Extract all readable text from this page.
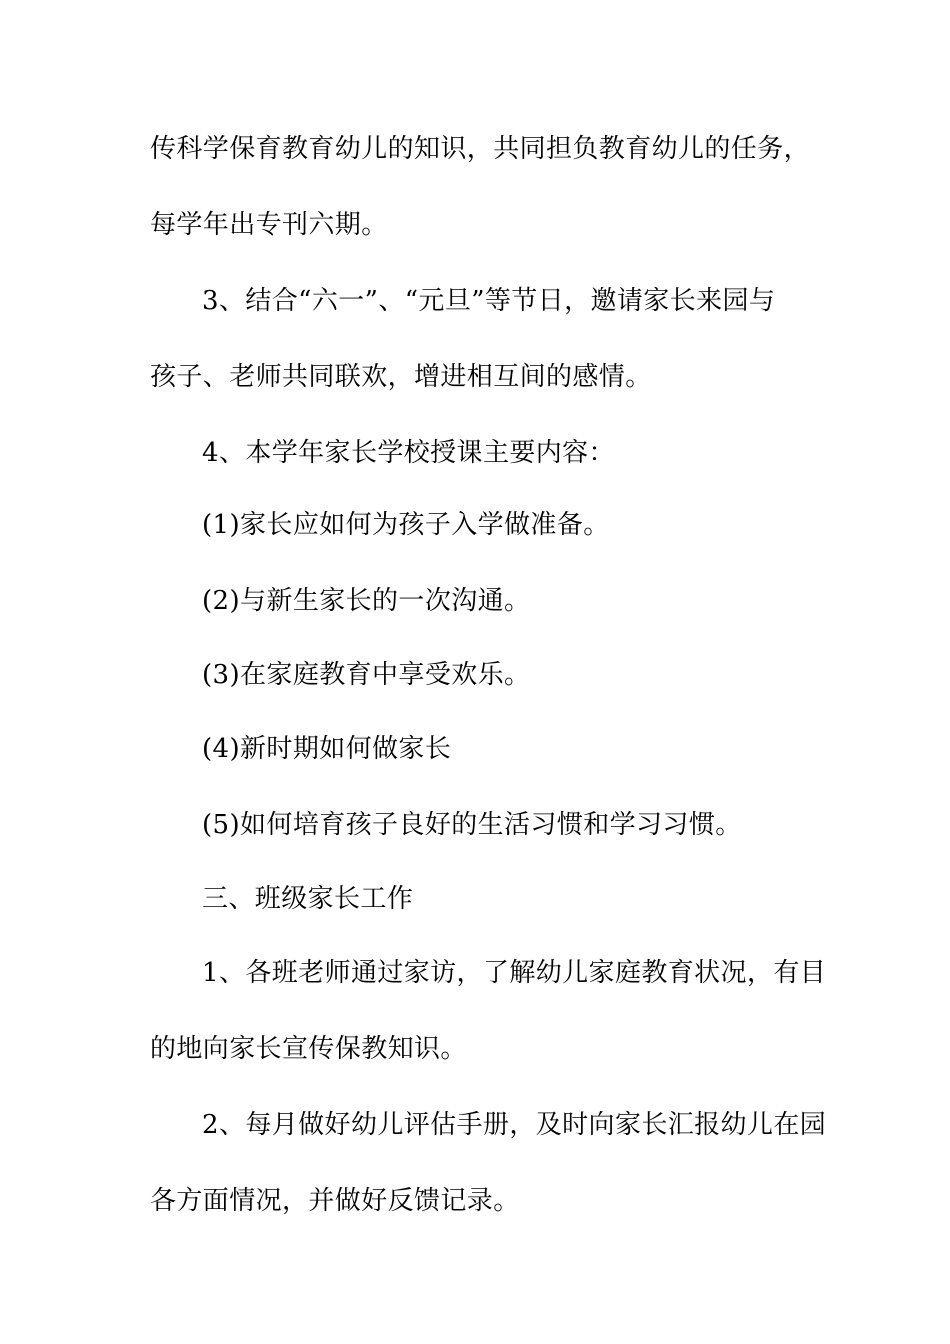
传科学保育教育幼儿的知识，共同担负教育幼儿的任务，
每学年出专刊六期。
3、结合“六一”、“元旦”等节日，邀请家长来园与
孩子、老师共同联欢，增进相互间的感情。
4、本学年家长学校授课主要内容：
(1)家长应如何为孩子入学做准备。
(2)与新生家长的一次沟通。
(3)在家庭教育中享受欢乐。
(4)新时期如何做家长
(5)如何培育孩子良好的生活习惯和学习习惯。
三、班级家长工作
1、各班老师通过家访，了解幼儿家庭教育状况，有目
的地向家长宣传保教知识。
2、每月做好幼儿评估手册，及时向家长汇报幼儿在园
各方面情况，并做好反馈记录。
